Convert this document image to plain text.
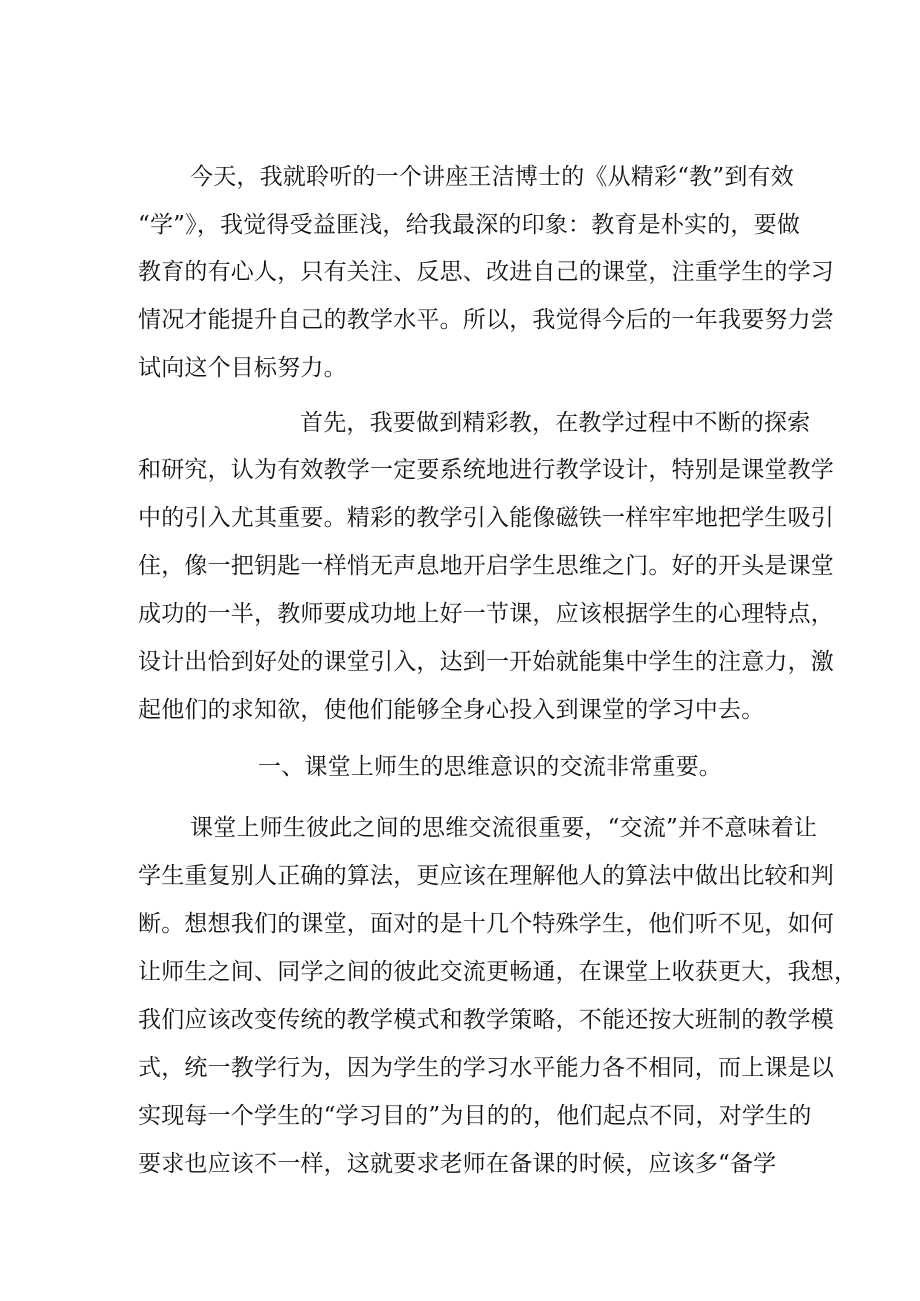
今天，我就聆听的一个讲座王洁博士的《从精彩“教”到有效
“学”》，我觉得受益匪浅，给我最深的印象：教育是朴实的，要做
教育的有心人，只有关注、反思、改进自己的课堂，注重学生的学习
情况才能提升自己的教学水平。所以，我觉得今后的一年我要努力尝
试向这个目标努力。
首先，我要做到精彩教，在教学过程中不断的探索
和研究，认为有效教学一定要系统地进行教学设计，特别是课堂教学
中的引入尤其重要。精彩的教学引入能像磁铁一样牢牢地把学生吸引
住，像一把钥匙一样悄无声息地开启学生思维之门。好的开头是课堂
成功的一半，教师要成功地上好一节课，应该根据学生的心理特点，
设计出恰到好处的课堂引入，达到一开始就能集中学生的注意力，激
起他们的求知欲，使他们能够全身心投入到课堂的学习中去。
一、课堂上师生的思维意识的交流非常重要。
课堂上师生彼此之间的思维交流很重要，“交流”并不意味着让
学生重复别人正确的算法，更应该在理解他人的算法中做出比较和判
断。想想我们的课堂，面对的是十几个特殊学生，他们听不见，如何
让师生之间、同学之间的彼此交流更畅通，在课堂上收获更大，我想，
我们应该改变传统的教学模式和教学策略，不能还按大班制的教学模
式，统一教学行为，因为学生的学习水平能力各不相同，而上课是以
实现每一个学生的“学习目的”为目的的，他们起点不同，对学生的
要求也应该不一样，这就要求老师在备课的时候，应该多“备学
